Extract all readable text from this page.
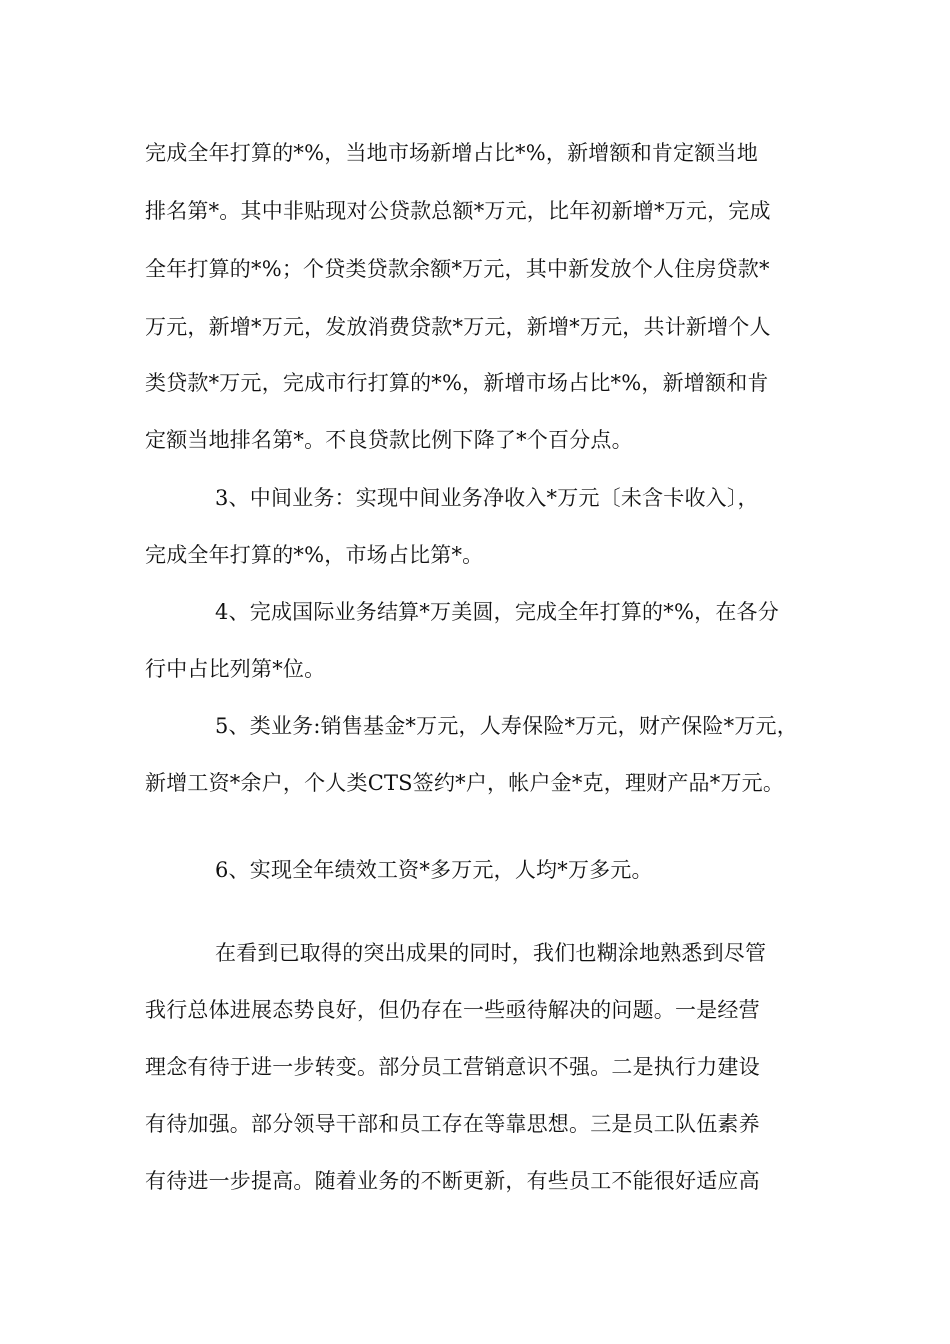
完成全年打算的*%，当地市场新增占比*%，新增额和肯定额当地

排名第*。其中非贴现对公贷款总额*万元，比年初新增*万元，完成

全年打算的*%；个贷类贷款余额*万元，其中新发放个人住房贷款*

万元，新增*万元，发放消费贷款*万元，新增*万元，共计新增个人

类贷款*万元，完成市行打算的*%，新增市场占比*%，新增额和肯

定额当地排名第*。不良贷款比例下降了*个百分点。

3、中间业务：实现中间业务净收入*万元〔未含卡收入〕，

完成全年打算的*%，市场占比第*。

4、完成国际业务结算*万美圆，完成全年打算的*%，在各分

行中占比列第*位。

5、类业务:销售基金*万元，人寿保险*万元，财产保险*万元，

新增工资*余户，个人类CTS签约*户，帐户金*克，理财产品*万元。

6、实现全年绩效工资*多万元，人均*万多元。

在看到已取得的突出成果的同时，我们也糊涂地熟悉到尽管

我行总体进展态势良好，但仍存在一些亟待解决的问题。一是经营

理念有待于进一步转变。部分员工营销意识不强。二是执行力建设

有待加强。部分领导干部和员工存在等靠思想。三是员工队伍素养

有待进一步提高。随着业务的不断更新，有些员工不能很好适应高
